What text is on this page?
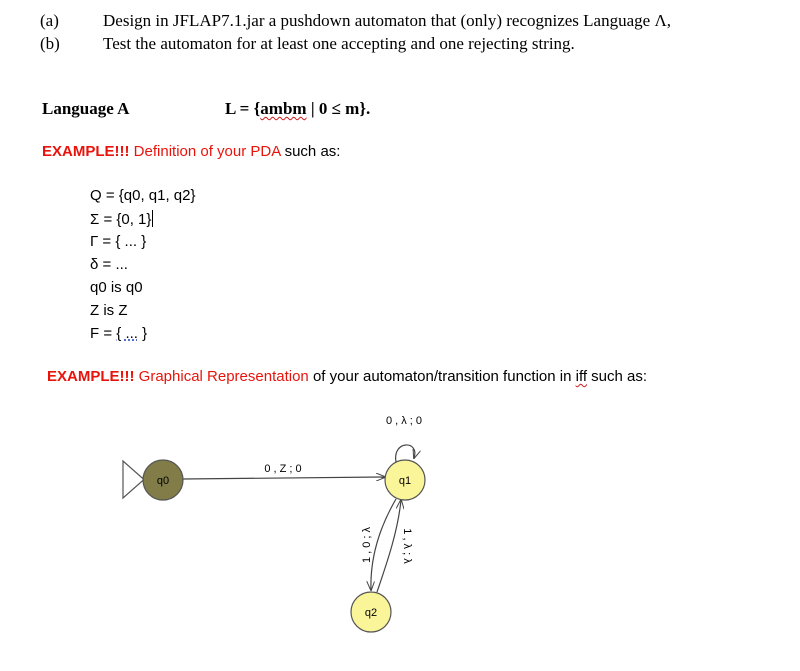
(a)	Design in JFLAP7.1.jar a pushdown automaton that (only) recognizes Language Λ,
(b)	Test the automaton for at least one accepting and one rejecting string.
Language A	L = {ambm | 0 ≤ m}.
EXAMPLE!!! Definition of your PDA such as:
Q = {q0, q1, q2}
Σ = {0, 1}
Γ = { ... }
δ = ...
q0 is q0
Z is Z
F = { ... }
EXAMPLE!!! Graphical Representation of your automaton/transition function in iff such as:
0 , Z ; 0
0 , λ ; 0
1 , λ ; λ
1 , 0 ; λ
q0	q1
q2
